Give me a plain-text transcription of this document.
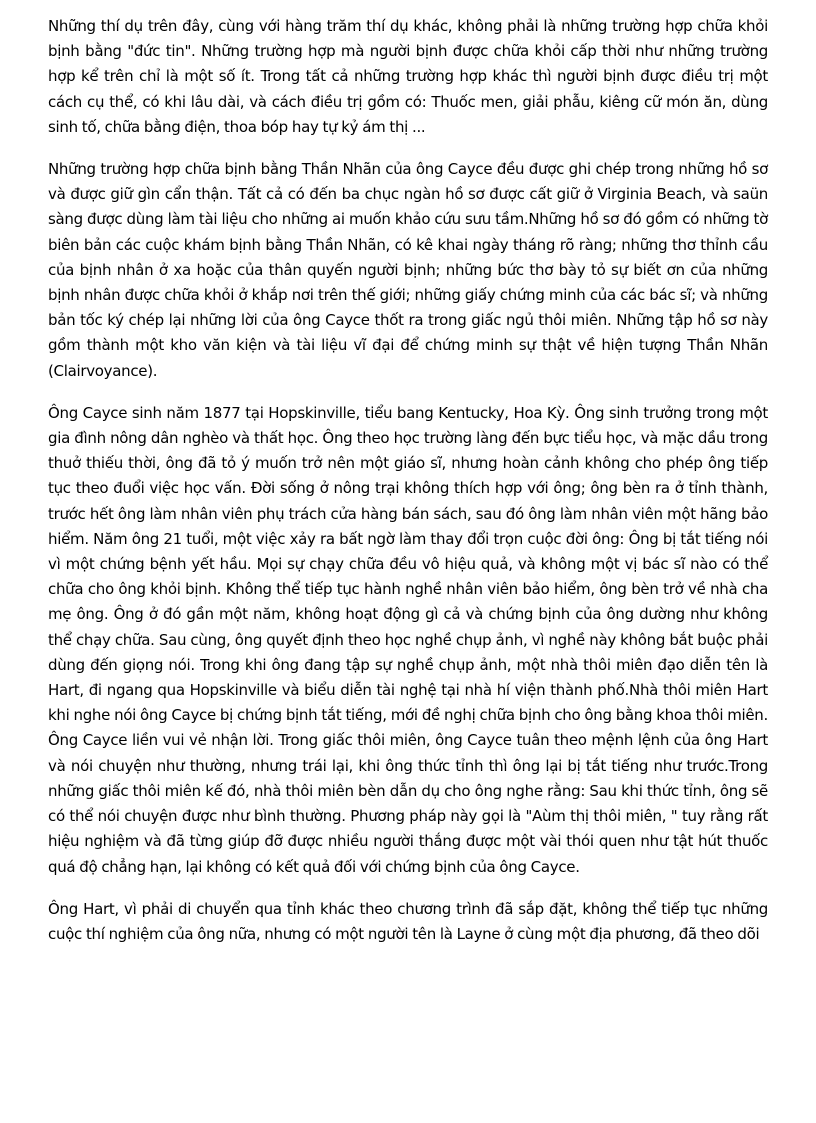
Những thí dụ trên đây, cùng với hàng trăm thí dụ khác, không phải là những trường hợp chữa khỏi bịnh bằng "đức tin". Những trường hợp mà người bịnh được chữa khỏi cấp thời như những trường hợp kể trên chỉ là một số ít. Trong tất cả những trường hợp khác thì người bịnh được điều trị một cách cụ thể, có khi lâu dài, và cách điều trị gồm có: Thuốc men, giải phẫu, kiêng cữ món ăn, dùng sinh tố, chữa bằng điện, thoa bóp hay tự kỷ ám thị ...

Những trường hợp chữa bịnh bằng Thần Nhãn của ông Cayce đều được ghi chép trong những hồ sơ và được giữ gìn cẩn thận. Tất cả có đến ba chục ngàn hồ sơ được cất giữ ở Virginia Beach, và saün sàng được dùng làm tài liệu cho những ai muốn khảo cứu sưu tầm.Những hồ sơ đó gồm có những tờ biên bản các cuộc khám bịnh bằng Thần Nhãn, có kê khai ngày tháng rõ ràng; những thơ thỉnh cầu của bịnh nhân ở xa hoặc của thân quyến người bịnh; những bức thơ bày tỏ sự biết ơn của những bịnh nhân được chữa khỏi ở khắp nơi trên thế giới; những giấy chứng minh của các bác sĩ; và những bản tốc ký chép lại những lời của ông Cayce thốt ra trong giấc ngủ thôi miên. Những tập hồ sơ này gồm thành một kho văn kiện và tài liệu vĩ đại để chứng minh sự thật về hiện tượng Thần Nhãn (Clairvoyance).

Ông Cayce sinh năm 1877 tại Hopskinville, tiểu bang Kentucky, Hoa Kỳ. Ông sinh trưởng trong một gia đình nông dân nghèo và thất học. Ông theo học trường làng đến bực tiểu học, và mặc dầu trong thuở thiếu thời, ông đã tỏ ý muốn trở nên một giáo sĩ, nhưng hoàn cảnh không cho phép ông tiếp tục theo đuổi việc học vấn. Đời sống ở nông trại không thích hợp với ông; ông bèn ra ở tỉnh thành, trước hết ông làm nhân viên phụ trách cửa hàng bán sách, sau đó ông làm nhân viên một hãng bảo hiểm. Năm ông 21 tuổi, một việc xảy ra bất ngờ làm thay đổi trọn cuộc đời ông: Ông bị tắt tiếng nói vì một chứng bệnh yết hầu. Mọi sự chạy chữa đều vô hiệu quả, và không một vị bác sĩ nào có thể chữa cho ông khỏi bịnh. Không thể tiếp tục hành nghề nhân viên bảo hiểm, ông bèn trở về nhà cha mẹ ông. Ông ở đó gần một năm, không hoạt động gì cả và chứng bịnh của ông dường như không thể chạy chữa. Sau cùng, ông quyết định theo học nghề chụp ảnh, vì nghề này không bắt buộc phải dùng đến giọng nói. Trong khi ông đang tập sự nghề chụp ảnh, một nhà thôi miên đạo diễn tên là Hart, đi ngang qua Hopskinville và biểu diễn tài nghệ tại nhà hí viện thành phố.Nhà thôi miên Hart khi nghe nói ông Cayce bị chứng bịnh tắt tiếng, mới đề nghị chữa bịnh cho ông bằng khoa thôi miên. Ông Cayce liền vui vẻ nhận lời. Trong giấc thôi miên, ông Cayce tuân theo mệnh lệnh của ông Hart và nói chuyện như thường, nhưng trái lại, khi ông thức tỉnh thì ông lại bị tắt tiếng như trước.Trong những giấc thôi miên kế đó, nhà thôi miên bèn dẫn dụ cho ông nghe rằng: Sau khi thức tỉnh, ông sẽ có thể nói chuyện được như bình thường. Phương pháp này gọi là "Aùm thị thôi miên, " tuy rằng rất hiệu nghiệm và đã từng giúp đỡ được nhiều người thắng được một vài thói quen như tật hút thuốc quá độ chẳng hạn, lại không có kết quả đối với chứng bịnh của ông Cayce.

Ông Hart, vì phải di chuyển qua tỉnh khác theo chương trình đã sắp đặt, không thể tiếp tục những cuộc thí nghiệm của ông nữa, nhưng có một người tên là Layne ở cùng một địa phương, đã theo dõi
